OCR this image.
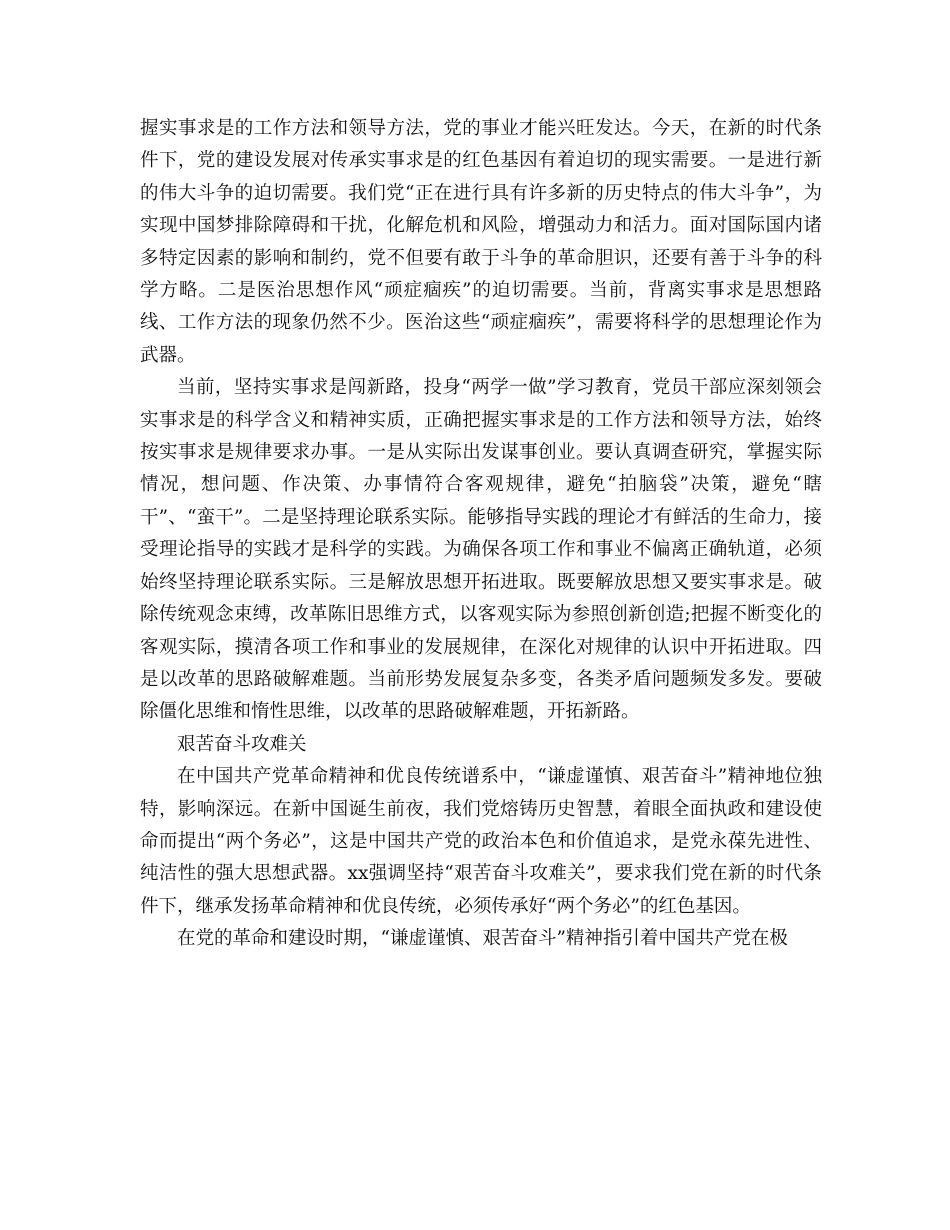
握实事求是的工作方法和领导方法，党的事业才能兴旺发达。今天，在新的时代条件下，党的建设发展对传承实事求是的红色基因有着迫切的现实需要。一是进行新的伟大斗争的迫切需要。我们党“正在进行具有许多新的历史特点的伟大斗争”，为实现中国梦排除障碍和干扰，化解危机和风险，增强动力和活力。面对国际国内诸多特定因素的影响和制约，党不但要有敢于斗争的革命胆识，还要有善于斗争的科学方略。二是医治思想作风“顽症痼疾”的迫切需要。当前，背离实事求是思想路线、工作方法的现象仍然不少。医治这些“顽症痼疾”，需要将科学的思想理论作为武器。

当前，坚持实事求是闯新路，投身“两学一做”学习教育，党员干部应深刻领会实事求是的科学含义和精神实质，正确把握实事求是的工作方法和领导方法，始终按实事求是规律要求办事。一是从实际出发谋事创业。要认真调查研究，掌握实际情况，想问题、作决策、办事情符合客观规律，避免“拍脑袋”决策，避免“瞎干”、“蛮干”。二是坚持理论联系实际。能够指导实践的理论才有鲜活的生命力，接受理论指导的实践才是科学的实践。为确保各项工作和事业不偏离正确轨道，必须始终坚持理论联系实际。三是解放思想开拓进取。既要解放思想又要实事求是。破除传统观念束缚，改革陈旧思维方式，以客观实际为参照创新创造;把握不断变化的客观实际，摸清各项工作和事业的发展规律，在深化对规律的认识中开拓进取。四是以改革的思路破解难题。当前形势发展复杂多变，各类矛盾问题频发多发。要破除僵化思维和惰性思维，以改革的思路破解难题，开拓新路。

艰苦奋斗攻难关

在中国共产党革命精神和优良传统谱系中，“谦虚谨慎、艰苦奋斗”精神地位独特，影响深远。在新中国诞生前夜，我们党熔铸历史智慧，着眼全面执政和建设使命而提出“两个务必”，这是中国共产党的政治本色和价值追求，是党永葆先进性、纯洁性的强大思想武器。xx强调坚持“艰苦奋斗攻难关”，要求我们党在新的时代条件下，继承发扬革命精神和优良传统，必须传承好“两个务必”的红色基因。

在党的革命和建设时期，“谦虚谨慎、艰苦奋斗”精神指引着中国共产党在极
